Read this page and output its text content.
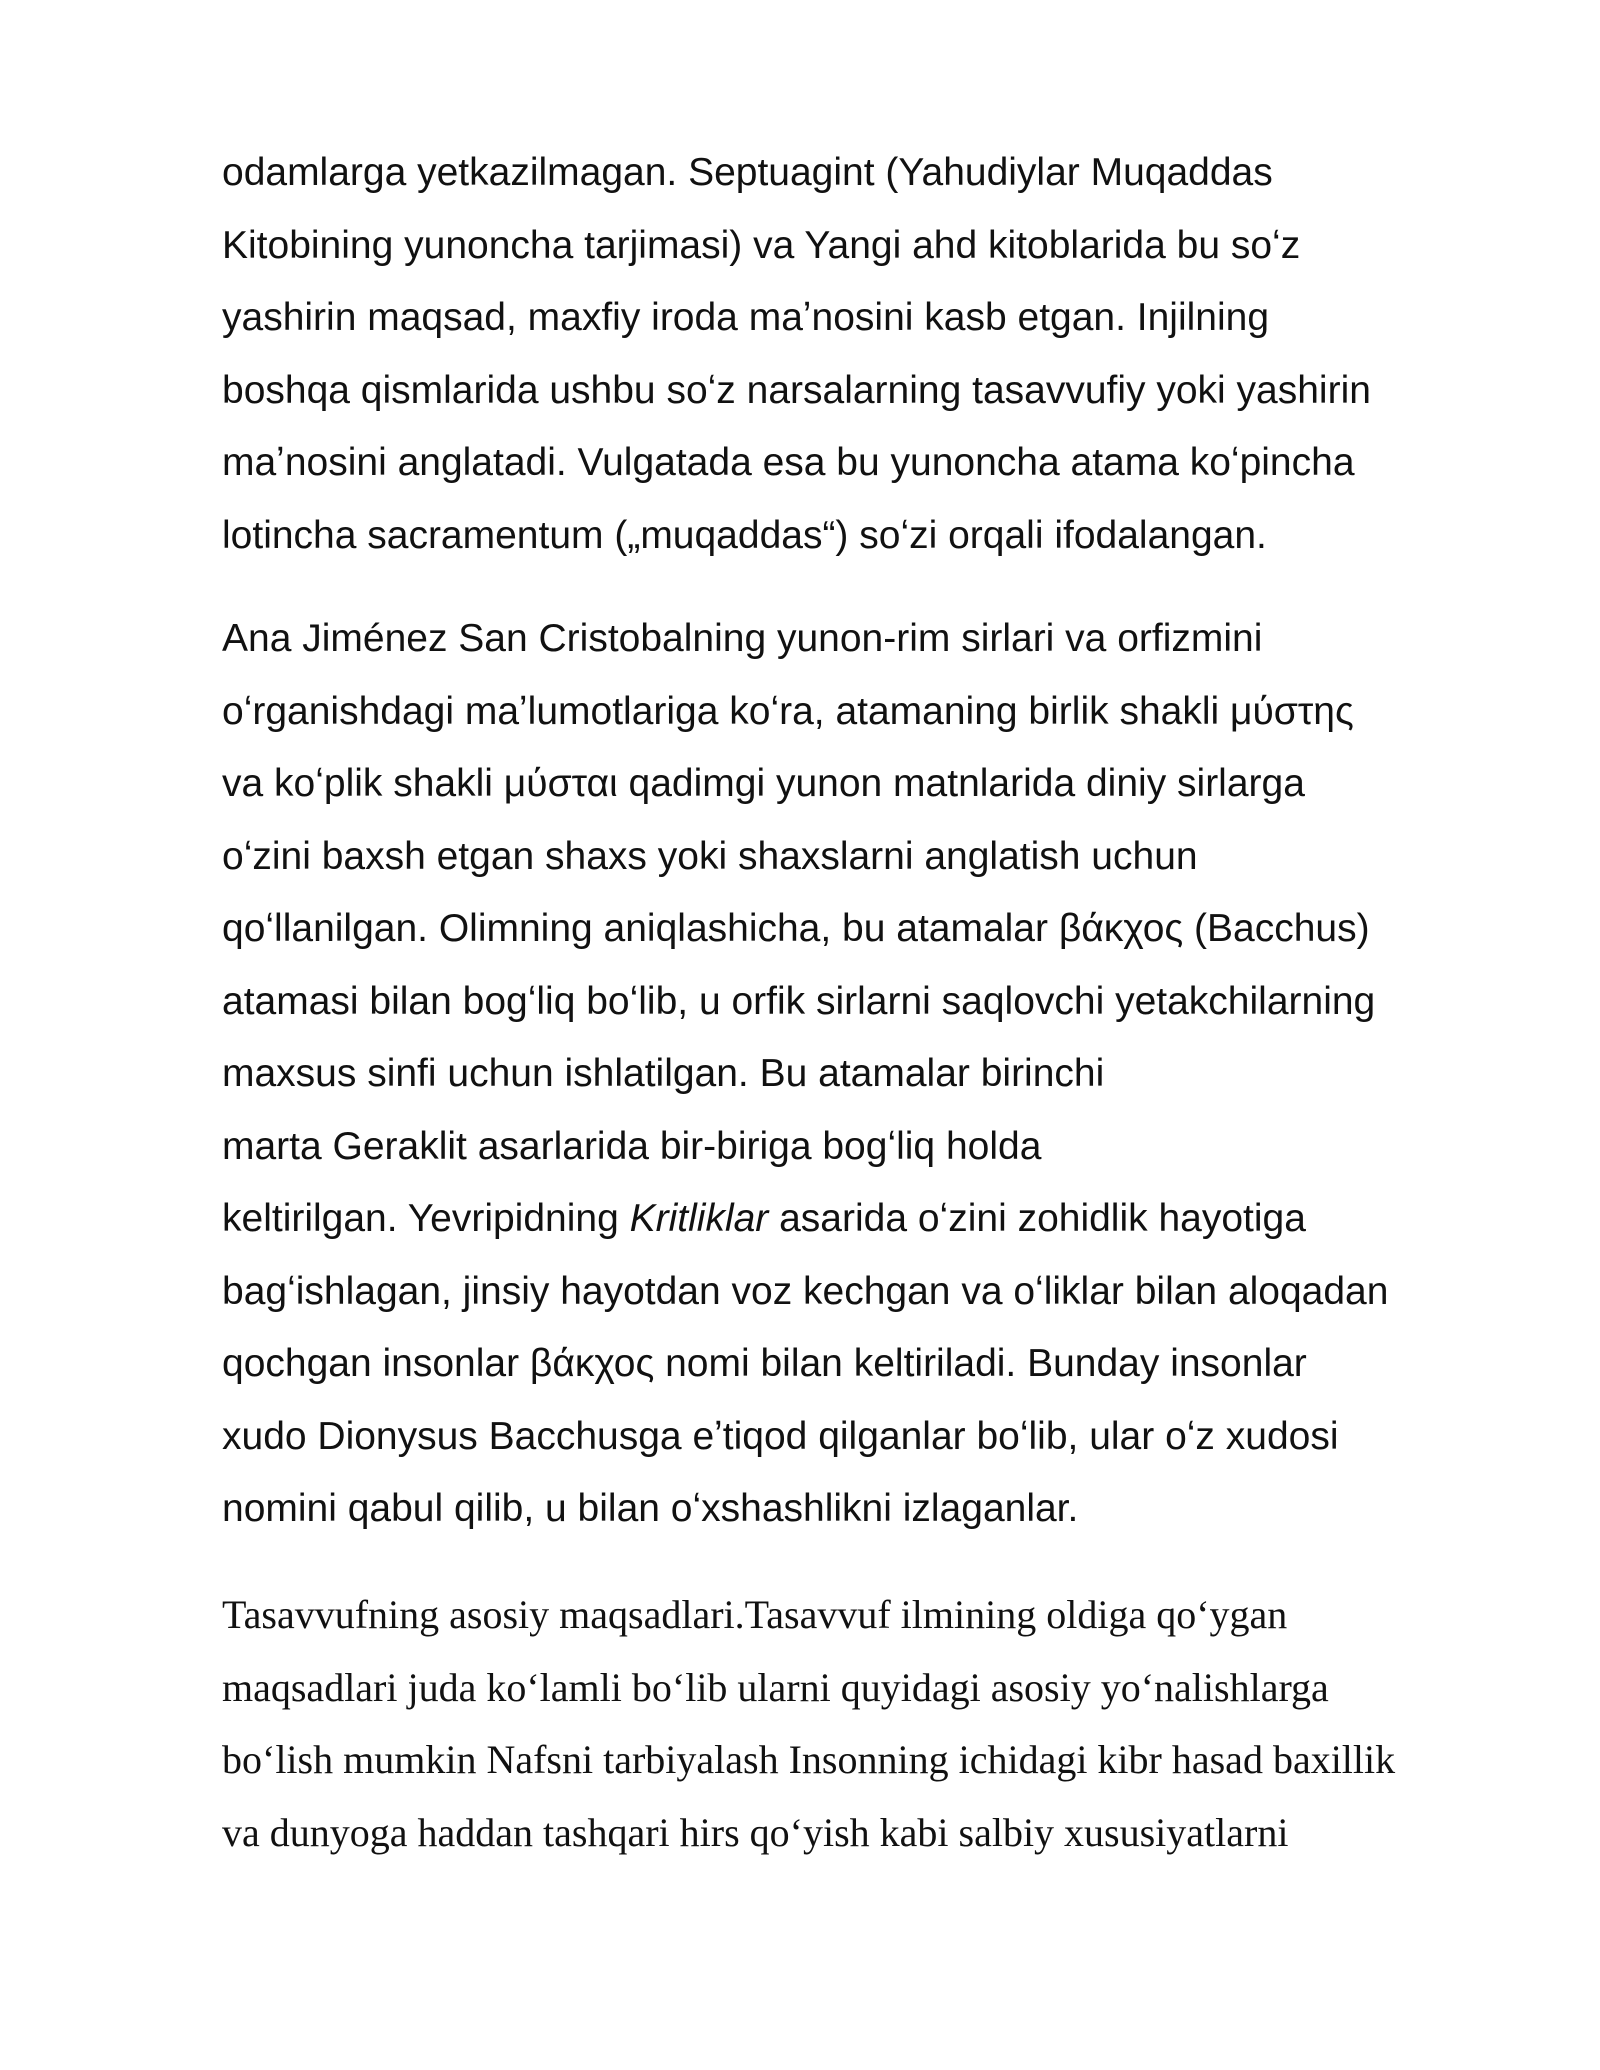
odamlarga yetkazilmagan. Septuagint (Yahudiylar Muqaddas
Kitobining yunoncha tarjimasi) va Yangi ahd kitoblarida bu soʻz
yashirin maqsad, maxfiy iroda maʼnosini kasb etgan. Injilning
boshqa qismlarida ushbu soʻz narsalarning tasavvufiy yoki yashirin
maʼnosini anglatadi. Vulgatada esa bu yunoncha atama koʻpincha
lotincha sacramentum („muqaddas“) soʻzi orqali ifodalangan.
Ana Jiménez San Cristobalning yunon-rim sirlari va orfizmini
oʻrganishdagi maʼlumotlariga koʻra, atamaning birlik shakli μύστης
va koʻplik shakli μύσται qadimgi yunon matnlarida diniy sirlarga
oʻzini baxsh etgan shaxs yoki shaxslarni anglatish uchun
qoʻllanilgan. Olimning aniqlashicha, bu atamalar βάκχος (Bacchus)
atamasi bilan bogʻliq boʻlib, u orfik sirlarni saqlovchi yetakchilarning
maxsus sinfi uchun ishlatilgan. Bu atamalar birinchi
marta Geraklit asarlarida bir-biriga bogʻliq holda
keltirilgan. Yevripidning Kritliklar asarida oʻzini zohidlik hayotiga
bagʻishlagan, jinsiy hayotdan voz kechgan va oʻliklar bilan aloqadan
qochgan insonlar βάκχος nomi bilan keltiriladi. Bunday insonlar
xudo Dionysus Bacchusga eʼtiqod qilganlar boʻlib, ular oʻz xudosi
nomini qabul qilib, u bilan oʻxshashlikni izlaganlar.
Tasavvufning asosiy maqsadlari.Tasavvuf ilmining oldiga qoʻygan
maqsadlari juda koʻlamli boʻlib ularni quyidagi asosiy yoʻnalishlarga
boʻlish mumkin Nafsni tarbiyalash Insonning ichidagi kibr hasad baxillik
va dunyoga haddan tashqari hirs qoʻyish kabi salbiy xususiyatlarni
